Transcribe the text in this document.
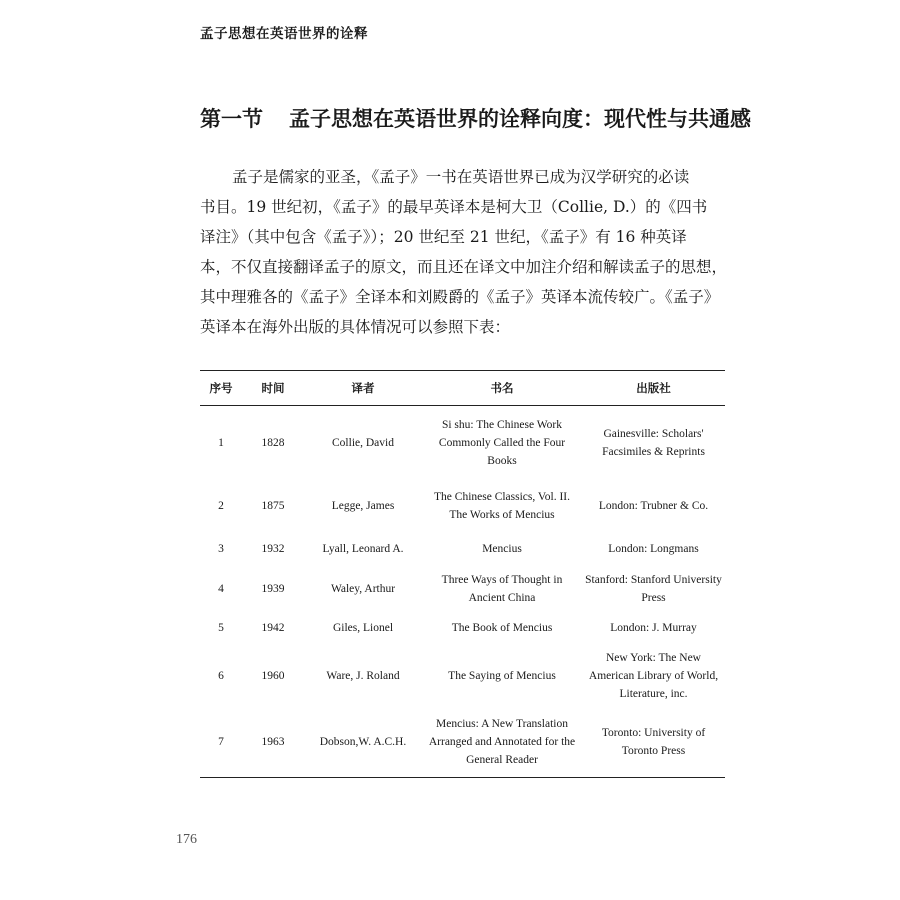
孟子思想在英语世界的诠释
第一节 孟子思想在英语世界的诠释向度：现代性与共通感
孟子是儒家的亚圣，《孟子》一书在英语世界已成为汉学研究的必读
书目。19 世纪初，《孟子》的最早英译本是柯大卫（Collie, D.）的《四书
译注》（其中包含《孟子》）；20 世纪至 21 世纪，《孟子》有 16 种英译
本，不仅直接翻译孟子的原文，而且还在译文中加注介绍和解读孟子的思想，
其中理雅各的《孟子》全译本和刘殿爵的《孟子》英译本流传较广。《孟子》
英译本在海外出版的具体情况可以参照下表：
序号	时间	译者	书名	出版社
1	1828	Collie, David	Si shu: The Chinese Work Commonly Called the Four Books	Gainesville: Scholars' Facsimiles & Reprints
2	1875	Legge, James	The Chinese Classics, Vol. II. The Works of Mencius	London: Trubner & Co.
3	1932	Lyall, Leonard A.	Mencius	London: Longmans
4	1939	Waley, Arthur	Three Ways of Thought in Ancient China	Stanford: Stanford University Press
5	1942	Giles, Lionel	The Book of Mencius	London: J. Murray
6	1960	Ware, J. Roland	The Saying of Mencius	New York: The New American Library of World, Literature, inc.
7	1963	Dobson,W. A.C.H.	Mencius: A New Translation Arranged and Annotated for the General Reader	Toronto: University of Toronto Press
176
